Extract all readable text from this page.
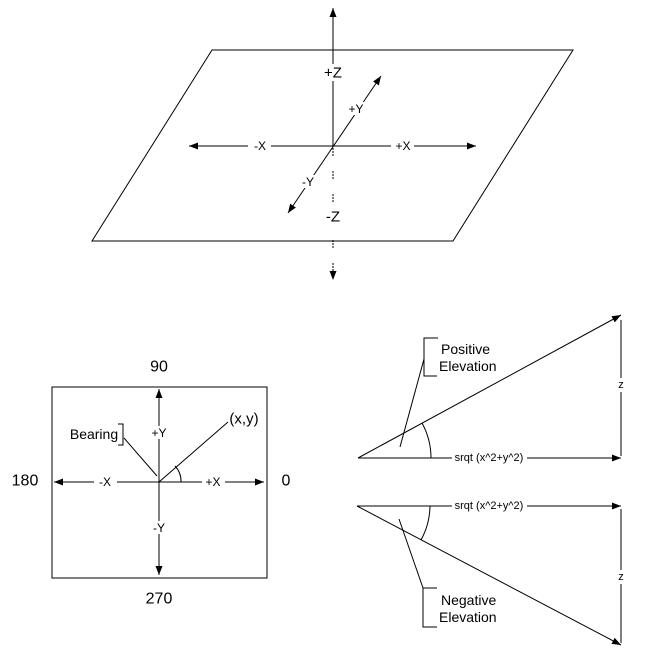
+Z
-Z
-X	+X
+Y
-Y
90
270
180	0
+Y
-Y
-X	+X
Bearing
(x,y)
Positive
Elevation
srqt (x^2+y^2)
z
Negative
Elevation
srqt (x^2+y^2)
z
